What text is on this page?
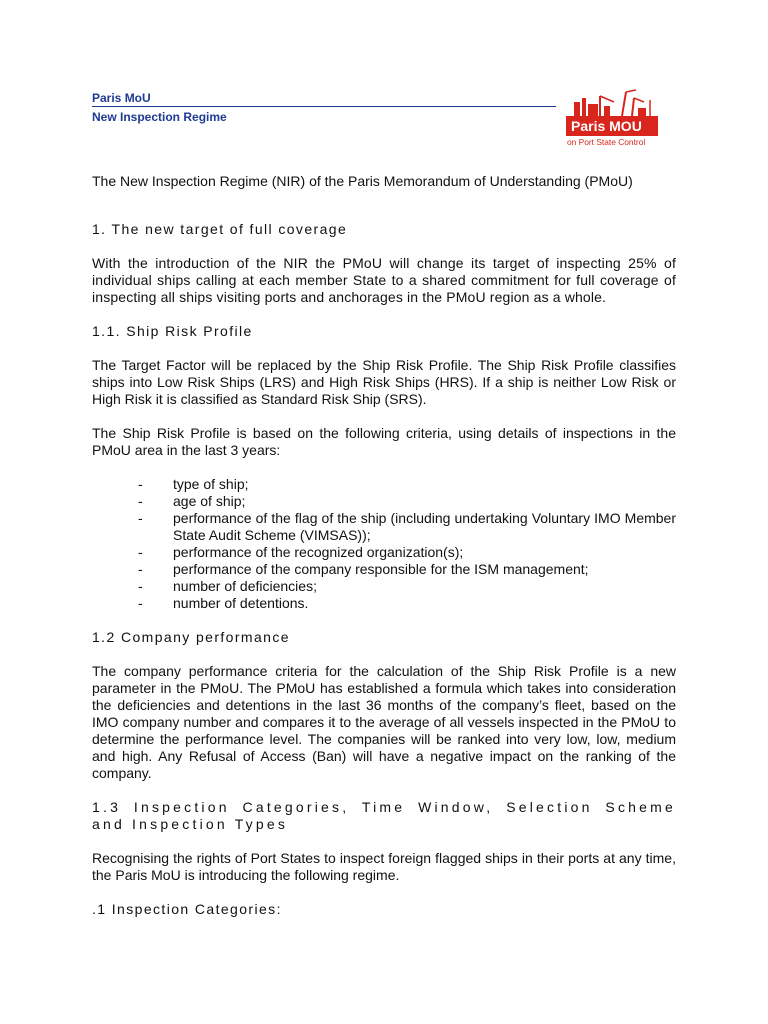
Paris MoU
New Inspection Regime
Paris MOU
on Port State Control

The New Inspection Regime (NIR) of the Paris Memorandum of Understanding (PMoU)

1. The new target of full coverage

With the introduction of the NIR the PMoU will change its target of inspecting 25% of individual ships calling at each member State to a shared commitment for full coverage of inspecting all ships visiting ports and anchorages in the PMoU region as a whole.

1.1. Ship Risk Profile

The Target Factor will be replaced by the Ship Risk Profile. The Ship Risk Profile classifies ships into Low Risk Ships (LRS) and High Risk Ships (HRS). If a ship is neither Low Risk or High Risk it is classified as Standard Risk Ship (SRS).

The Ship Risk Profile is based on the following criteria, using details of inspections in the PMoU area in the last 3 years:

- type of ship;
- age of ship;
- performance of the flag of the ship (including undertaking Voluntary IMO Member State Audit Scheme (VIMSAS));
- performance of the recognized organization(s);
- performance of the company responsible for the ISM management;
- number of deficiencies;
- number of detentions.

1.2 Company performance

The company performance criteria for the calculation of the Ship Risk Profile is a new parameter in the PMoU. The PMoU has established a formula which takes into consideration the deficiencies and detentions in the last 36 months of the company’s fleet, based on the IMO company number and compares it to the average of all vessels inspected in the PMoU to determine the performance level. The companies will be ranked into very low, low, medium and high. Any Refusal of Access (Ban) will have a negative impact on the ranking of the company.

1.3 Inspection Categories, Time Window, Selection Scheme and Inspection Types

Recognising the rights of Port States to inspect foreign flagged ships in their ports at any time, the Paris MoU is introducing the following regime.

.1 Inspection Categories:
